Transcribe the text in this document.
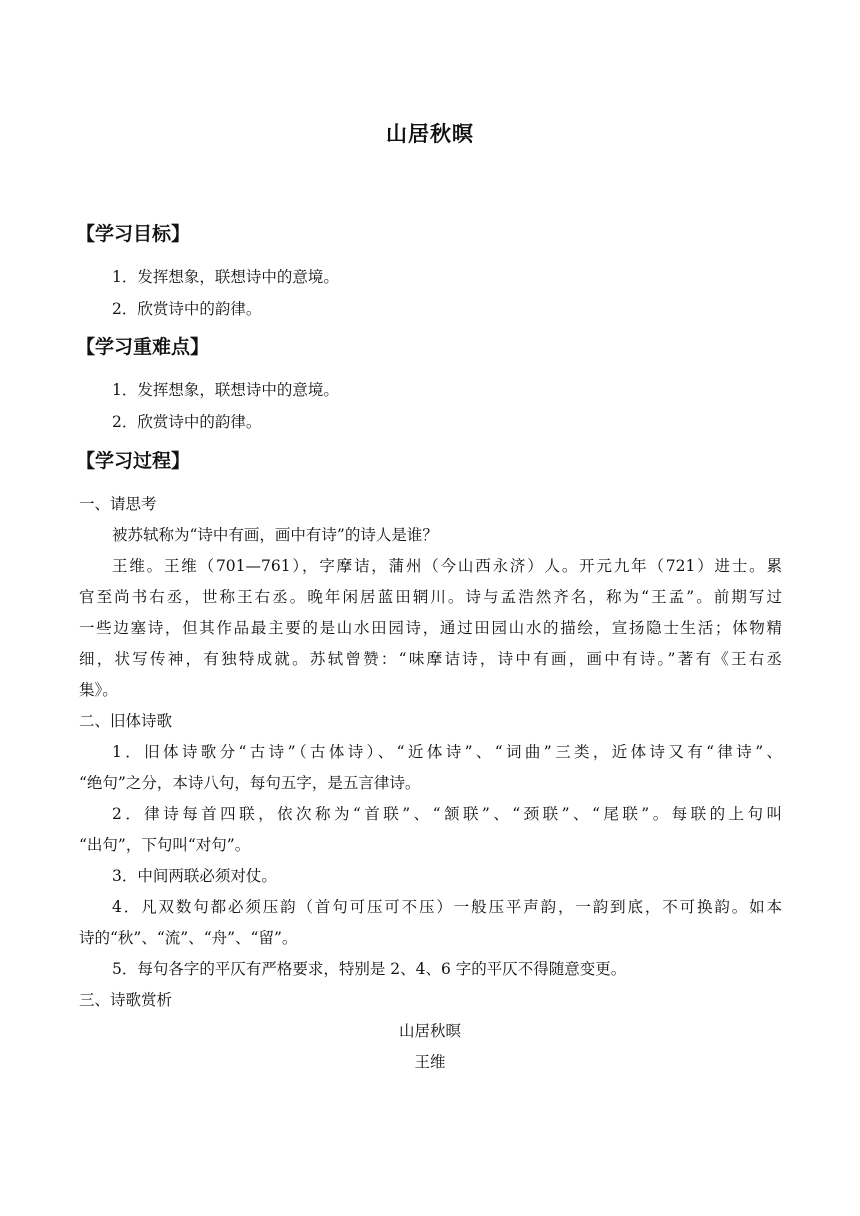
山居秋暝
【学习目标】
1．发挥想象，联想诗中的意境。
2．欣赏诗中的韵律。
【学习重难点】
1．发挥想象，联想诗中的意境。
2．欣赏诗中的韵律。
【学习过程】
一、请思考
被苏轼称为“诗中有画，画中有诗”的诗人是谁？
王维。王维（701—761），字摩诘，蒲州（今山西永济）人。开元九年（721）进士。累
官至尚书右丞，世称王右丞。晚年闲居蓝田辋川。诗与孟浩然齐名，称为“王孟”。前期写过
一些边塞诗，但其作品最主要的是山水田园诗，通过田园山水的描绘，宣扬隐士生活；体物精
细，状写传神，有独特成就。苏轼曾赞：“味摩诘诗，诗中有画，画中有诗。”著有《王右丞
集》。
二、旧体诗歌
1．旧体诗歌分“古诗”（古体诗）、“近体诗”、“词曲”三类，近体诗又有“律诗”、
“绝句”之分，本诗八句，每句五字，是五言律诗。
2．律诗每首四联，依次称为“首联”、“颔联”、“颈联”、“尾联”。每联的上句叫
“出句”，下句叫“对句”。
3．中间两联必须对仗。
4．凡双数句都必须压韵（首句可压可不压）一般压平声韵，一韵到底，不可换韵。如本
诗的“秋”、“流”、“舟”、“留”。
5．每句各字的平仄有严格要求，特别是 2、4、6 字的平仄不得随意变更。
三、诗歌赏析
山居秋暝
王维
